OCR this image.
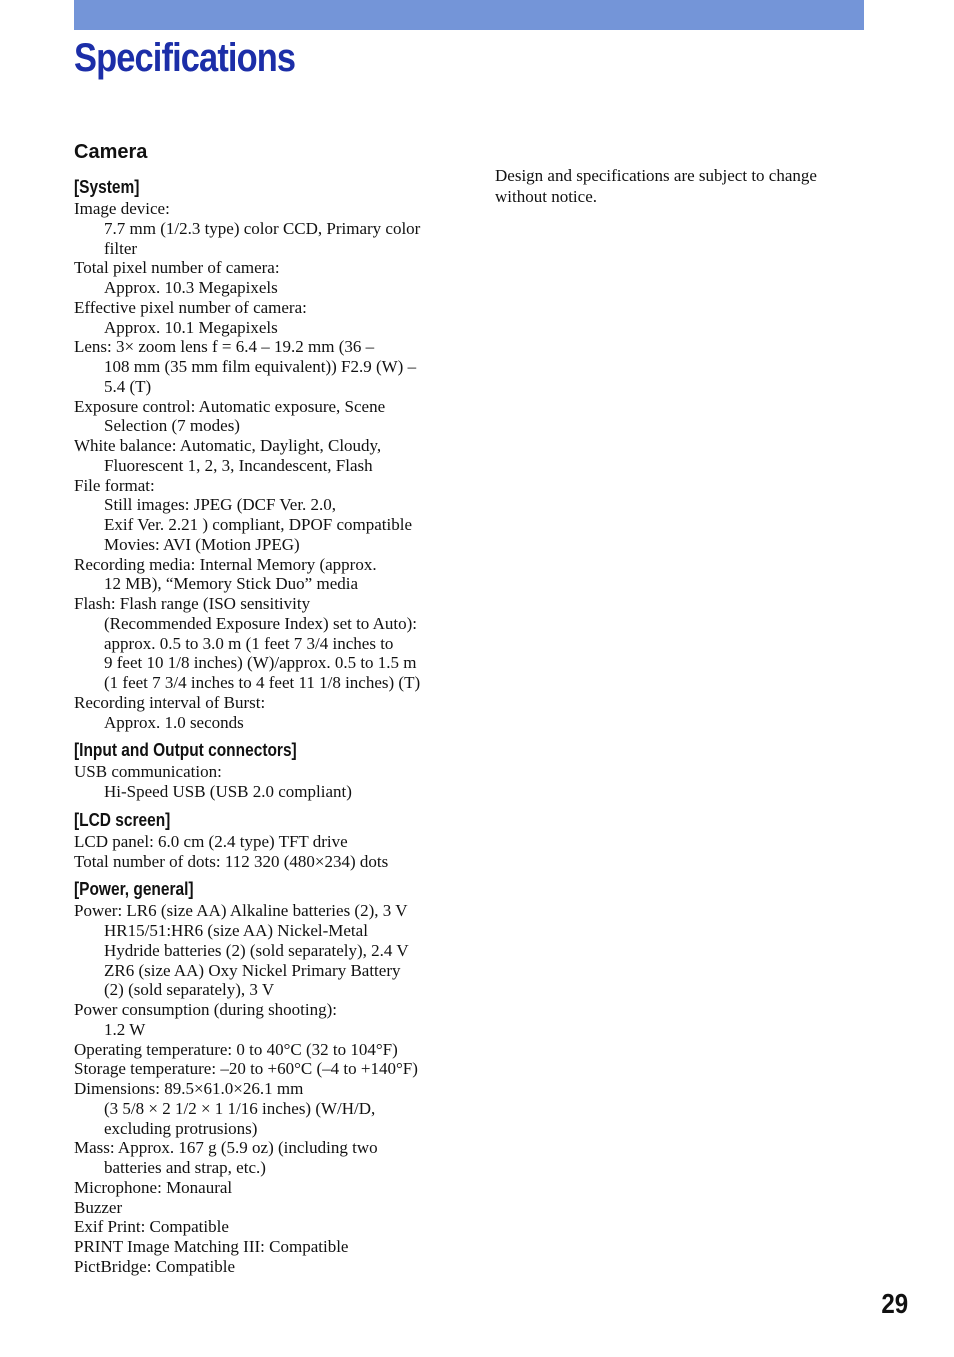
Specifications
Camera
[System]
Image device:
7.7 mm (1/2.3 type) color CCD, Primary color
filter
Total pixel number of camera:
Approx. 10.3 Megapixels
Effective pixel number of camera:
Approx. 10.1 Megapixels
Lens: 3× zoom lens f = 6.4 – 19.2 mm (36 –
108 mm (35 mm film equivalent)) F2.9 (W) –
5.4 (T)
Exposure control: Automatic exposure, Scene
Selection (7 modes)
White balance: Automatic, Daylight, Cloudy,
Fluorescent 1, 2, 3, Incandescent, Flash
File format:
Still images: JPEG (DCF Ver. 2.0,
Exif Ver. 2.21 ) compliant, DPOF compatible
Movies: AVI (Motion JPEG)
Recording media: Internal Memory (approx.
12 MB), “Memory Stick Duo” media
Flash: Flash range (ISO sensitivity
(Recommended Exposure Index) set to Auto):
approx. 0.5 to 3.0 m (1 feet 7 3/4 inches to
9 feet 10 1/8 inches) (W)/approx. 0.5 to 1.5 m
(1 feet 7 3/4 inches to 4 feet 11 1/8 inches) (T)
Recording interval of Burst:
Approx. 1.0 seconds
[Input and Output connectors]
USB communication:
Hi-Speed USB (USB 2.0 compliant)
[LCD screen]
LCD panel: 6.0 cm (2.4 type) TFT drive
Total number of dots: 112 320 (480×234) dots
[Power, general]
Power: LR6 (size AA) Alkaline batteries (2), 3 V
HR15/51:HR6 (size AA) Nickel-Metal
Hydride batteries (2) (sold separately), 2.4 V
ZR6 (size AA) Oxy Nickel Primary Battery
(2) (sold separately), 3 V
Power consumption (during shooting):
1.2 W
Operating temperature: 0 to 40°C (32 to 104°F)
Storage temperature: –20 to +60°C (–4 to +140°F)
Dimensions: 89.5×61.0×26.1 mm
(3 5/8 × 2 1/2 × 1 1/16 inches) (W/H/D,
excluding protrusions)
Mass: Approx. 167 g (5.9 oz) (including two
batteries and strap, etc.)
Microphone: Monaural
Buzzer
Exif Print: Compatible
PRINT Image Matching III: Compatible
PictBridge: Compatible
Design and specifications are subject to change
without notice.
29
